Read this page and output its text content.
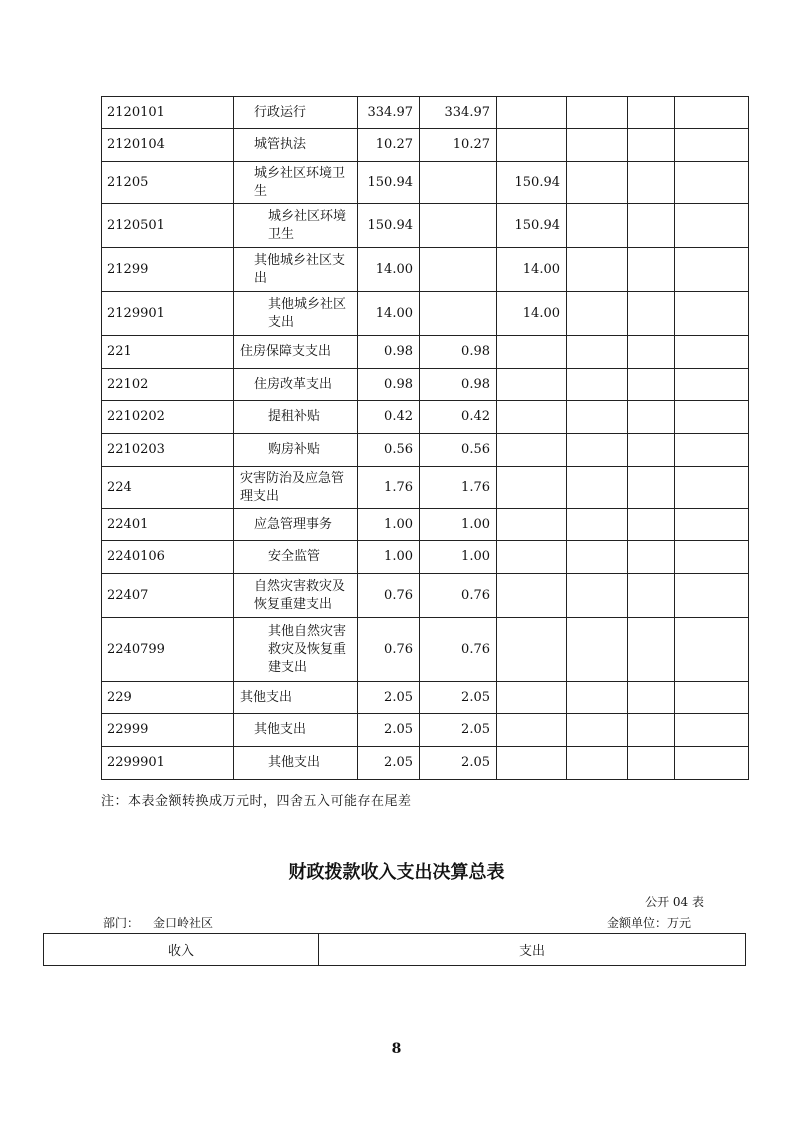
2120101	行政运行	334.97	334.97				
2120104	城管执法	10.27	10.27				
21205	城乡社区环境卫生	150.94		150.94			
2120501	城乡社区环境卫生	150.94		150.94			
21299	其他城乡社区支出	14.00		14.00			
2129901	其他城乡社区支出	14.00		14.00			
221	住房保障支支出	0.98	0.98				
22102	住房改革支出	0.98	0.98				
2210202	提租补贴	0.42	0.42				
2210203	购房补贴	0.56	0.56				
224	灾害防治及应急管理支出	1.76	1.76				
22401	应急管理事务	1.00	1.00				
2240106	安全监管	1.00	1.00				
22407	自然灾害救灾及恢复重建支出	0.76	0.76				
2240799	其他自然灾害救灾及恢复重建支出	0.76	0.76				
229	其他支出	2.05	2.05				
22999	其他支出	2.05	2.05				
2299901	其他支出	2.05	2.05				
注：本表金额转换成万元时，四舍五入可能存在尾差
财政拨款收入支出决算总表
公开 04 表
部门： 金口岭社区	金额单位：万元
收入	支出
8
